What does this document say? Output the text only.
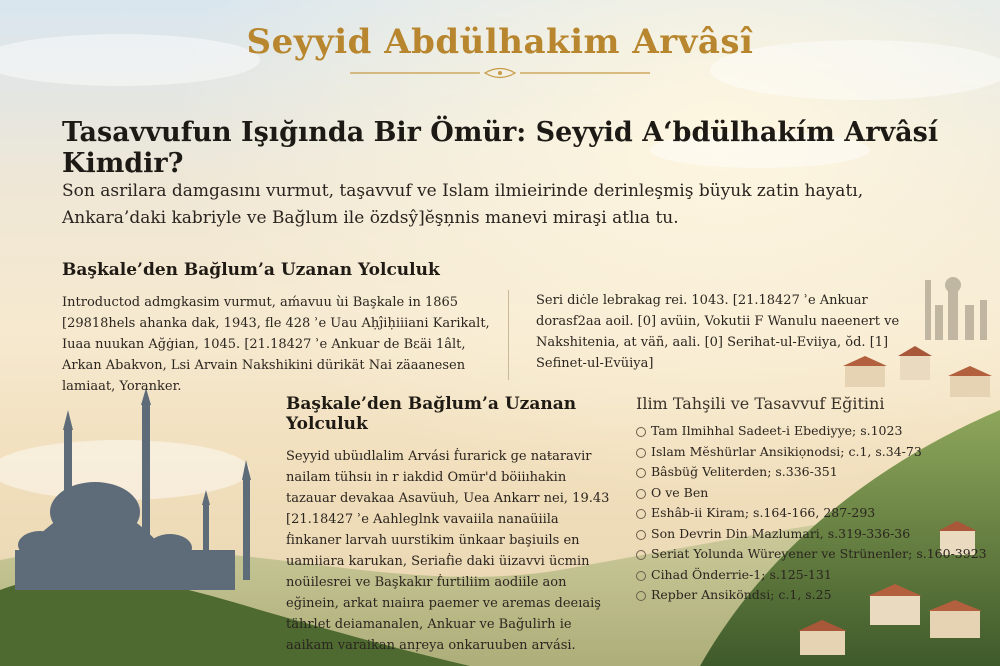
Seyyid Abdülhakim Arvâsî
Tasavvufun Işığında Bir Ömür: Seyyid Aʻbdülhakím Arvâsí Kimdir?

Son asrilara damgasını vurmut, taşavvuf ve Islam ilmieirinde derinleşmiş büyuk zatin hayatı, Ankara’daki kabriyle ve Bağlum ile özdsŷ]ĕşņnis manevi miraşi atlıa tu.

Başkale’den Bağlum’a Uzanan Yolculuk

Introductod admgkasim vurmut, aḿavuu ùi Başkale in 1865 [29818hels ahanka dak, 1943, ﬂe 428 ʾe Uau Aḥĵiḥiiiani Karikalt, Iuaa nuukan Ağġian, 1045. [21.18427 ʾe Ankuar de Bεäi 1âlt, Arkan Abakvon, Lsi Arvain Nakshikini dürikät Nai zäaanesen lamiaat, Yoranker.

Seri diċle lebrakag rei. 1043. [21.18427 ʾe Ankuar dorasf2aa aoil. [0] avüin, Vokutii F Wanulu naeenert ve Nakshitenia, at väñ, aali. [0] Serihat-ul-Eviiya, ŏd. [1] Sefinet-ul-Evüiya]

Başkale’den Bağlum’a Uzanan Yolculuk

Seyyid ubüıdlalim Arvási ḟurarick ɡe naŧaravir nailam tühsiı in r iakdid Omür'd böiiıhakin tazauar devakaa Asavüuh, Uea Ankarr nei, 19.43 [21.18427 ʾe Aahleɡlnk vavaiila nanaüiila ḟinkaner larvah uurstikim ünkaar başiuils en uamiiara karukan, Seriaḟie daki üizavvi ücmin noüilesrei ve Başkakır ḟurtiliim aodiile aon eğinein, arkat nıaiıra paemer ve aremas deeıaiş tährlet deiamanalen, Ankuar ve Bağulirh ie aaikam varaikan anŗeya onkaruuben arvási.

Ilim Tahşili ve Tasavvuf Eğitini
Tam Ilmihhal Sadeet-i Ebediyye; s.1023
Islam Mĕshürlar Ansikiọnodsi; c.1, s.34-73
Bâsbüğ Veliterden; s.336-351
O ve Ben
Eshâb-ii Kiram; s.164-166, 287-293
Son Devrin Din Mazlumari, s.319-336-36
Seriat Yolunda Würeyener ve Strünenler; s.160-3923
Cihad Önderrie-1; s.125-131
Repber Ansiköndsi; c.1, s.25
